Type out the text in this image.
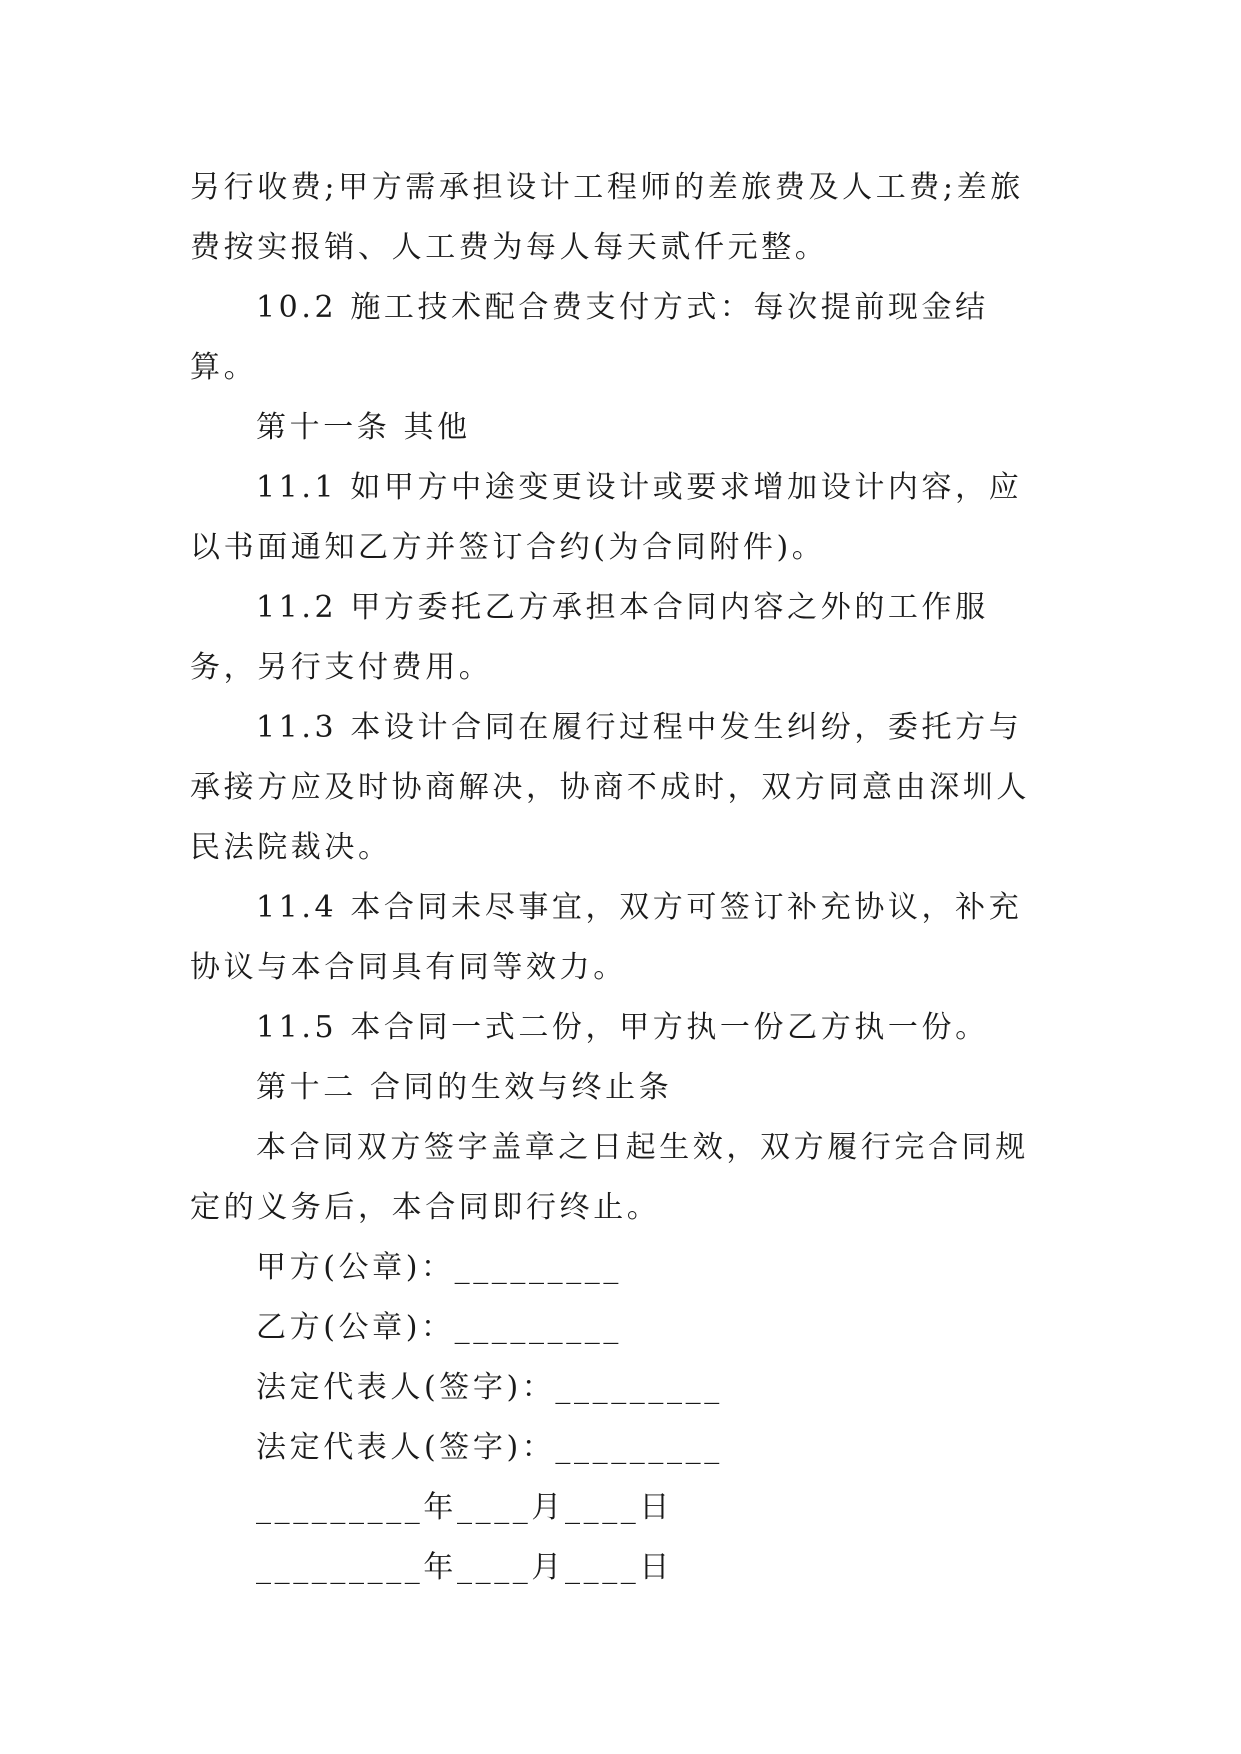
另行收费;甲方需承担设计工程师的差旅费及人工费;差旅费按实报销、人工费为每人每天贰仟元整。

10.2 施工技术配合费支付方式：每次提前现金结算。

第十一条 其他

11.1 如甲方中途变更设计或要求增加设计内容，应以书面通知乙方并签订合约(为合同附件)。

11.2 甲方委托乙方承担本合同内容之外的工作服务，另行支付费用。

11.3 本设计合同在履行过程中发生纠纷，委托方与承接方应及时协商解决，协商不成时，双方同意由深圳人民法院裁决。

11.4 本合同未尽事宜，双方可签订补充协议，补充协议与本合同具有同等效力。

11.5 本合同一式二份，甲方执一份乙方执一份。

第十二 合同的生效与终止条

本合同双方签字盖章之日起生效，双方履行完合同规定的义务后，本合同即行终止。

甲方(公章)：_________

乙方(公章)：_________

法定代表人(签字)：_________

法定代表人(签字)：_________

_________年____月____日

_________年____月____日
